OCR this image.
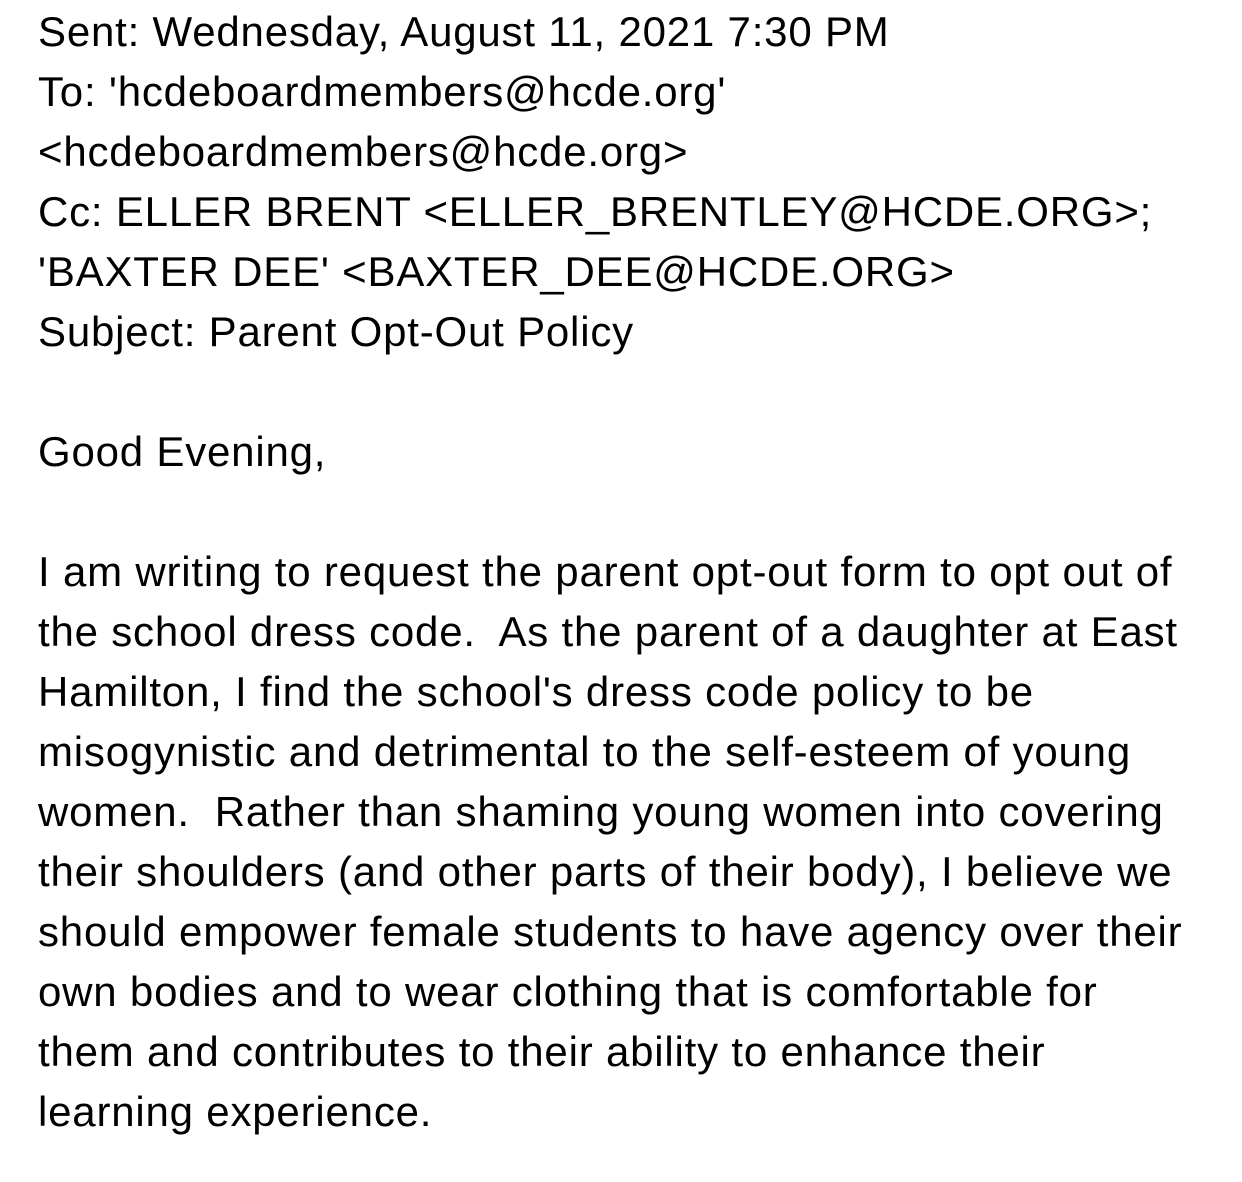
Sent: Wednesday, August 11, 2021 7:30 PM
To: 'hcdeboardmembers@hcde.org' <hcdeboardmembers@hcde.org>
Cc: ELLER BRENT <ELLER_BRENTLEY@HCDE.ORG>; 'BAXTER DEE' <BAXTER_DEE@HCDE.ORG>
Subject: Parent Opt-Out Policy
Good Evening,
I am writing to request the parent opt-out form to opt out of the school dress code.  As the parent of a daughter at East Hamilton, I find the school's dress code policy to be misogynistic and detrimental to the self-esteem of young women.  Rather than shaming young women into covering their shoulders (and other parts of their body), I believe we should empower female students to have agency over their own bodies and to wear clothing that is comfortable for them and contributes to their ability to enhance their learning experience.
